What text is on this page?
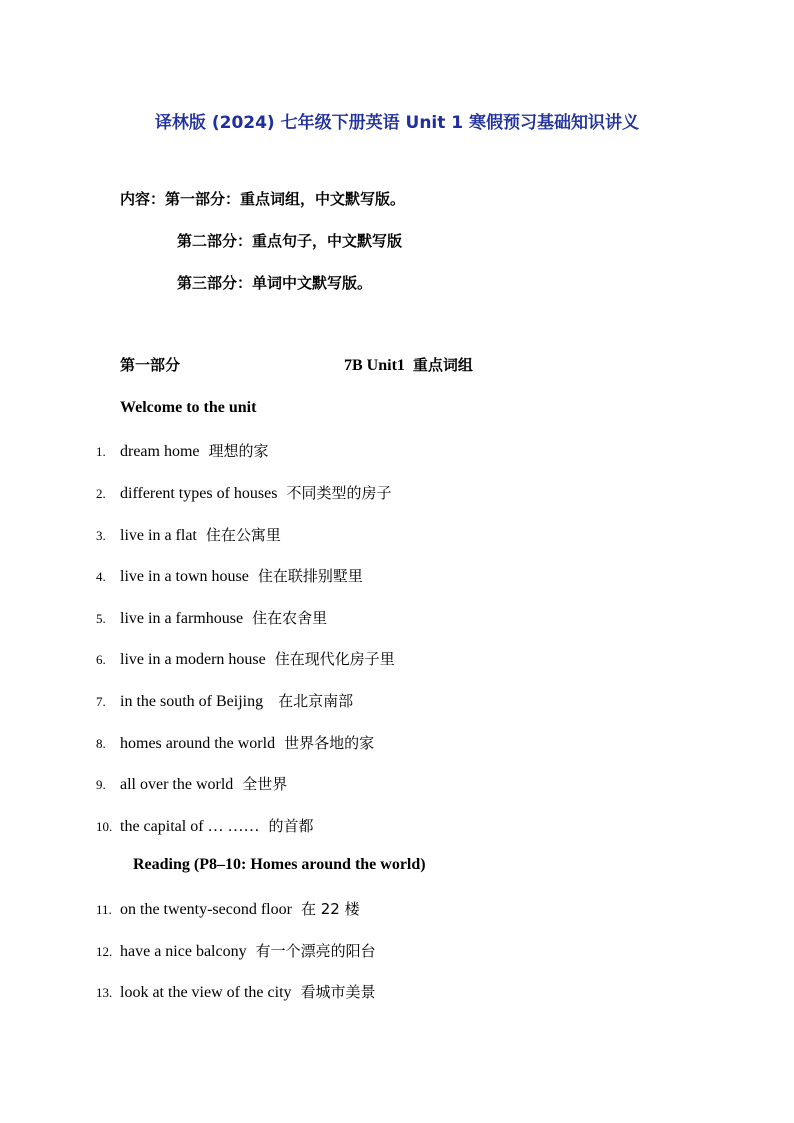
译林版 (2024) 七年级下册英语 Unit 1 寒假预习基础知识讲义
内容：第一部分：重点词组，中文默写版。
第二部分：重点句子，中文默写版
第三部分：单词中文默写版。
第一部分	7B Unit1 重点词组
Welcome to the unit
Reading (P8–10: Homes around the world)
1. dream home 理想的家
2. different types of houses 不同类型的房子
3. live in a flat 住在公寓里
4. live in a town house 住在联排别墅里
5. live in a farmhouse 住在农舍里
6. live in a modern house 住在现代化房子里
7. in the south of Beijing 在北京南部
8. homes around the world 世界各地的家
9. all over the world 全世界
10. the capital of … …… 的首都
11. on the twenty-second floor 在 22 楼
12. have a nice balcony 有一个漂亮的阳台
13. look at the view of the city 看城市美景
